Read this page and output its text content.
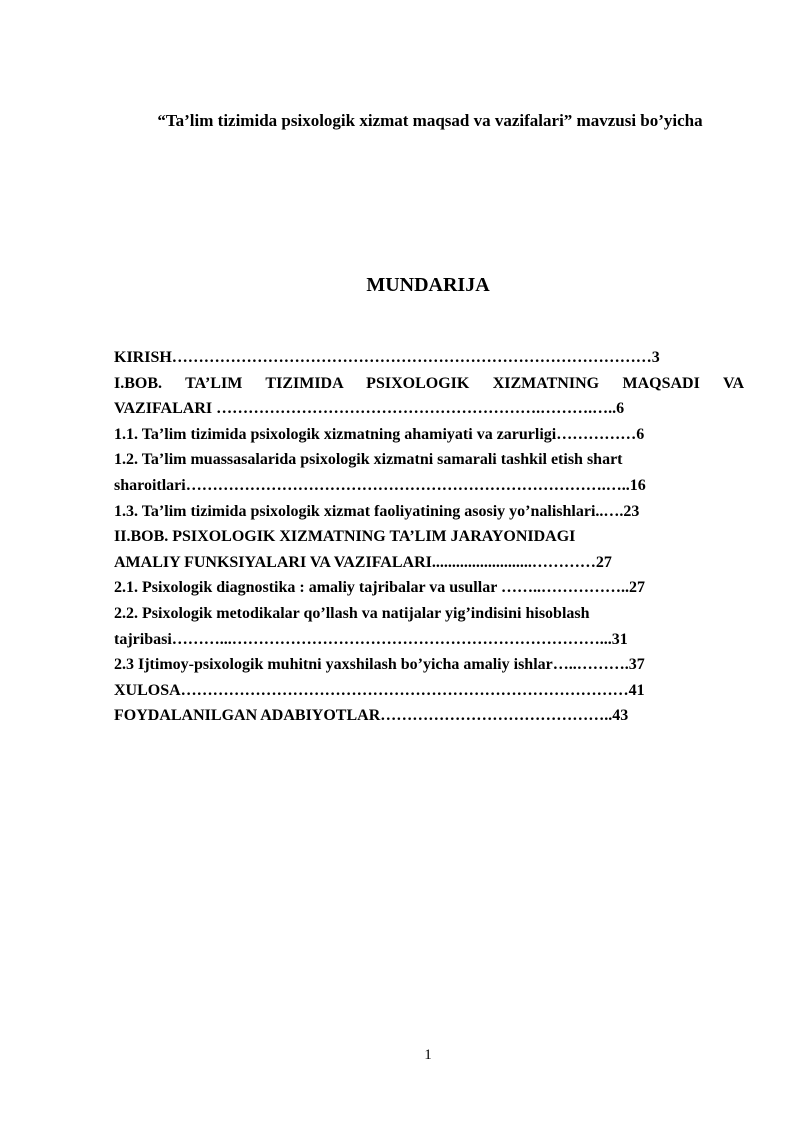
“Ta’lim tizimida psixologik xizmat maqsad va vazifalari” mavzusi bo’yicha
MUNDARIJA
KIRISH………………………………………………………………………………3
I.BOB. TA’LIM TIZIMIDA PSIXOLOGIK XIZMATNING MAQSADI VA
VAZIFALARI …………………………………………………….……….…..6
1.1. Ta’lim tizimida psixologik xizmatning ahamiyati va zarurligi……………6
1.2. Ta’lim muassasalarida psixologik xizmatni samarali tashkil etish shart
sharoitlari…………………………………………………………………….…..16
1.3. Ta’lim tizimida psixologik xizmat faoliyatining asosiy yo’nalishlari..….23
II.BOB. PSIXOLOGIK XIZMATNING TA’LIM JARAYONIDAGI
AMALIY FUNKSIYALARI VA VAZIFALARI.........................…………27
2.1. Psixologik diagnostika : amaliy tajribalar va usullar ……..……………..27
2.2. Psixologik metodikalar qo’llash va natijalar yig’indisini hisoblash
tajribasi………...……………………………………………………………...31
2.3 Ijtimoy-psixologik muhitni yaxshilash bo’yicha amaliy ishlar…..……….37
XULOSA…………………………………………………………………………41
FOYDALANILGAN ADABIYOTLAR……………………………………..43
1
